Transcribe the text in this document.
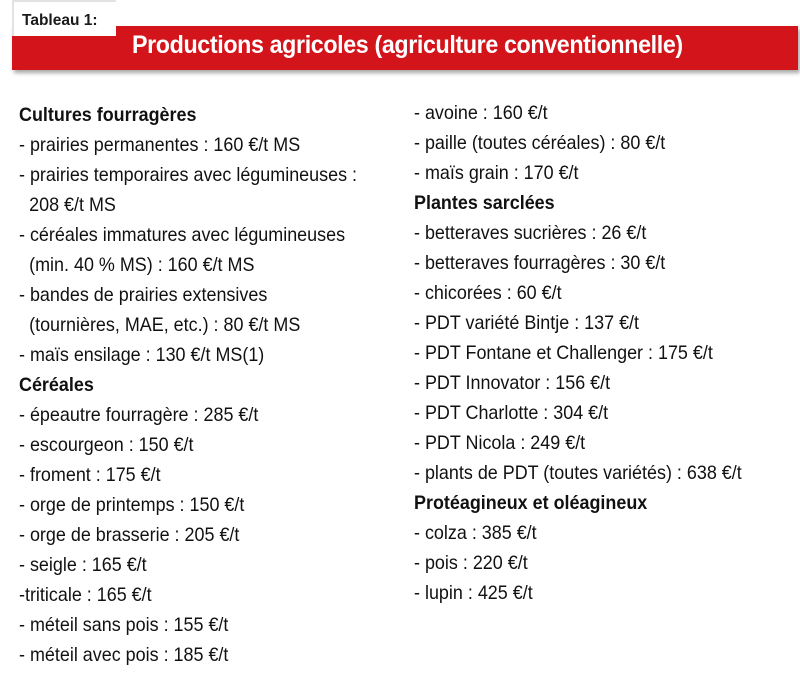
Productions agricoles (agriculture conventionnelle)
Tableau 1:
Cultures fourragères
- prairies permanentes : 160 €/t MS
- prairies temporaires avec légumineuses :
208 €/t MS
- céréales immatures avec légumineuses
(min. 40 % MS) : 160 €/t MS
- bandes de prairies extensives
(tournières, MAE, etc.) : 80 €/t MS
- maïs ensilage : 130 €/t MS(1)
Céréales
- épeautre fourragère : 285 €/t
- escourgeon : 150 €/t
- froment : 175 €/t
- orge de printemps : 150 €/t
- orge de brasserie : 205 €/t
- seigle : 165 €/t
-triticale : 165 €/t
- méteil sans pois : 155 €/t
- méteil avec pois : 185 €/t
- avoine : 160 €/t
- paille (toutes céréales) : 80 €/t
- maïs grain : 170 €/t
Plantes sarclées
- betteraves sucrières : 26 €/t
- betteraves fourragères : 30 €/t
- chicorées : 60 €/t
- PDT variété Bintje : 137 €/t
- PDT Fontane et Challenger : 175 €/t
- PDT Innovator : 156 €/t
- PDT Charlotte : 304 €/t
- PDT Nicola : 249 €/t
- plants de PDT (toutes variétés) : 638 €/t
Protéagineux et oléagineux
- colza : 385 €/t
- pois : 220 €/t
- lupin : 425 €/t
